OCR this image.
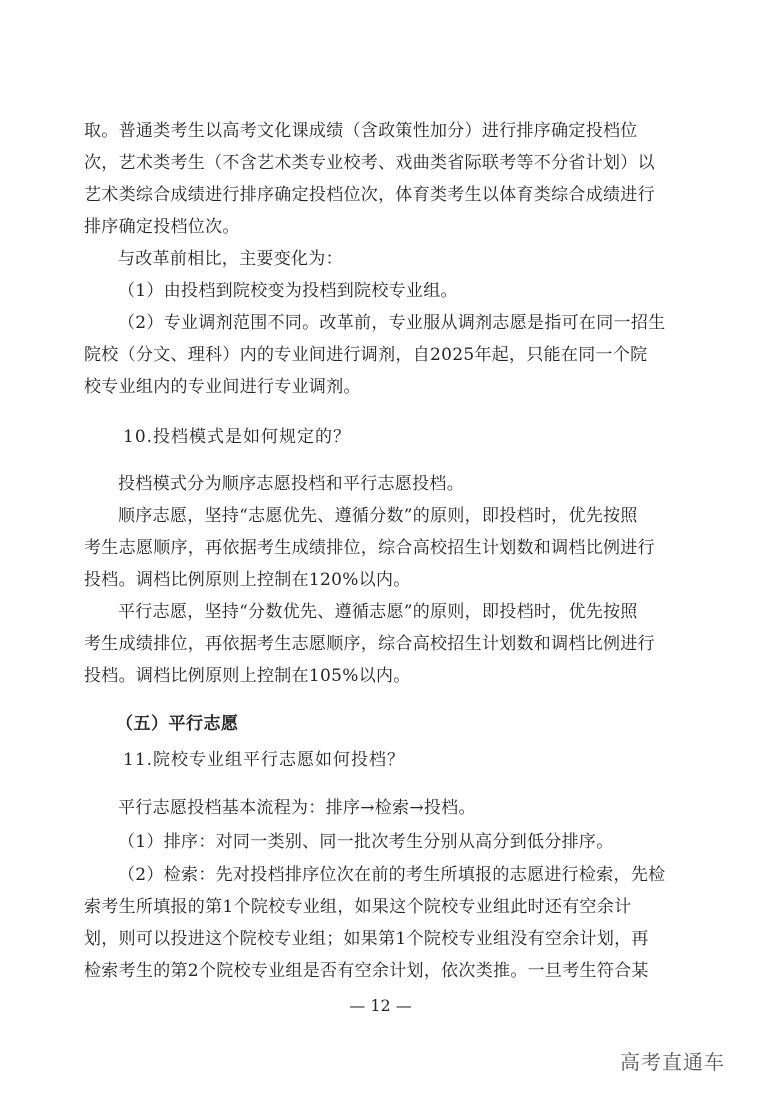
取。普通类考生以高考文化课成绩（含政策性加分）进行排序确定投档位
次，艺术类考生（不含艺术类专业校考、戏曲类省际联考等不分省计划）以
艺术类综合成绩进行排序确定投档位次，体育类考生以体育类综合成绩进行
排序确定投档位次。
与改革前相比，主要变化为：
（1）由投档到院校变为投档到院校专业组。
（2）专业调剂范围不同。改革前，专业服从调剂志愿是指可在同一招生
院校（分文、理科）内的专业间进行调剂，自2025年起，只能在同一个院
校专业组内的专业间进行专业调剂。
10.投档模式是如何规定的？
投档模式分为顺序志愿投档和平行志愿投档。
顺序志愿，坚持“志愿优先、遵循分数”的原则，即投档时，优先按照
考生志愿顺序，再依据考生成绩排位，综合高校招生计划数和调档比例进行
投档。调档比例原则上控制在120%以内。
平行志愿，坚持“分数优先、遵循志愿”的原则，即投档时，优先按照
考生成绩排位，再依据考生志愿顺序，综合高校招生计划数和调档比例进行
投档。调档比例原则上控制在105%以内。
（五）平行志愿
11.院校专业组平行志愿如何投档？
平行志愿投档基本流程为：排序→检索→投档。
（1）排序：对同一类别、同一批次考生分别从高分到低分排序。
（2）检索：先对投档排序位次在前的考生所填报的志愿进行检索，先检
索考生所填报的第1个院校专业组，如果这个院校专业组此时还有空余计
划，则可以投进这个院校专业组；如果第1个院校专业组没有空余计划，再
检索考生的第2个院校专业组是否有空余计划，依次类推。一旦考生符合某
— 12 —
高考直通车
